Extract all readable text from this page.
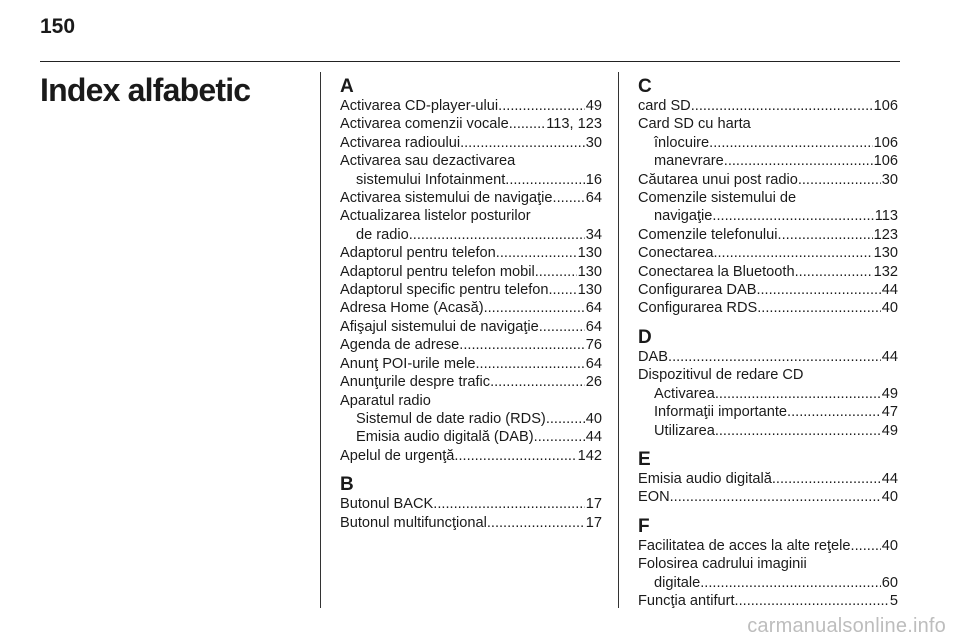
150
Index alfabetic	A
Activarea CD-player-ului .....	49
Activarea comenzii vocale .....	113, 123
Activarea radioului .....	30
Activarea sau dezactivarea
sistemului Infotainment .....	16
Activarea sistemului de navigaţie ..... 64
Actualizarea listelor posturilor
de radio .....	34
Adaptorul pentru telefon .....	130
Adaptorul pentru telefon mobil .....	130
Adaptorul specific pentru telefon ..... 130
Adresa Home (Acasă) .....	64
Afişajul sistemului de navigaţie .....	64
Agenda de adrese .....	76
Anunţ POI-urile mele .....	64
Anunţurile despre trafic .....	26
Aparatul radio
Sistemul de date radio (RDS) .....	40
Emisia audio digitală (DAB) .....	44
Apelul de urgenţă .....	142
B
Butonul BACK .....	17
Butonul multifuncţional .....	17
C
card SD .....	106
Card SD cu harta
înlocuire .....	106
manevrare .....	106
Căutarea unui post radio .....	30
Comenzile sistemului de
navigaţie .....	113
Comenzile telefonului .....	123
Conectarea .....	130
Conectarea la Bluetooth .....	132
Configurarea DAB .....	44
Configurarea RDS .....	40
D
DAB .....	44
Dispozitivul de redare CD
Activarea .....	49
Informaţii importante .....	47
Utilizarea .....	49
E
Emisia audio digitală .....	44
EON .....	40
F
Facilitatea de acces la alte reţele ..... 40
Folosirea cadrului imaginii
digitale .....	60
Funcţia antifurt .....	5
carmanualsonline.info
